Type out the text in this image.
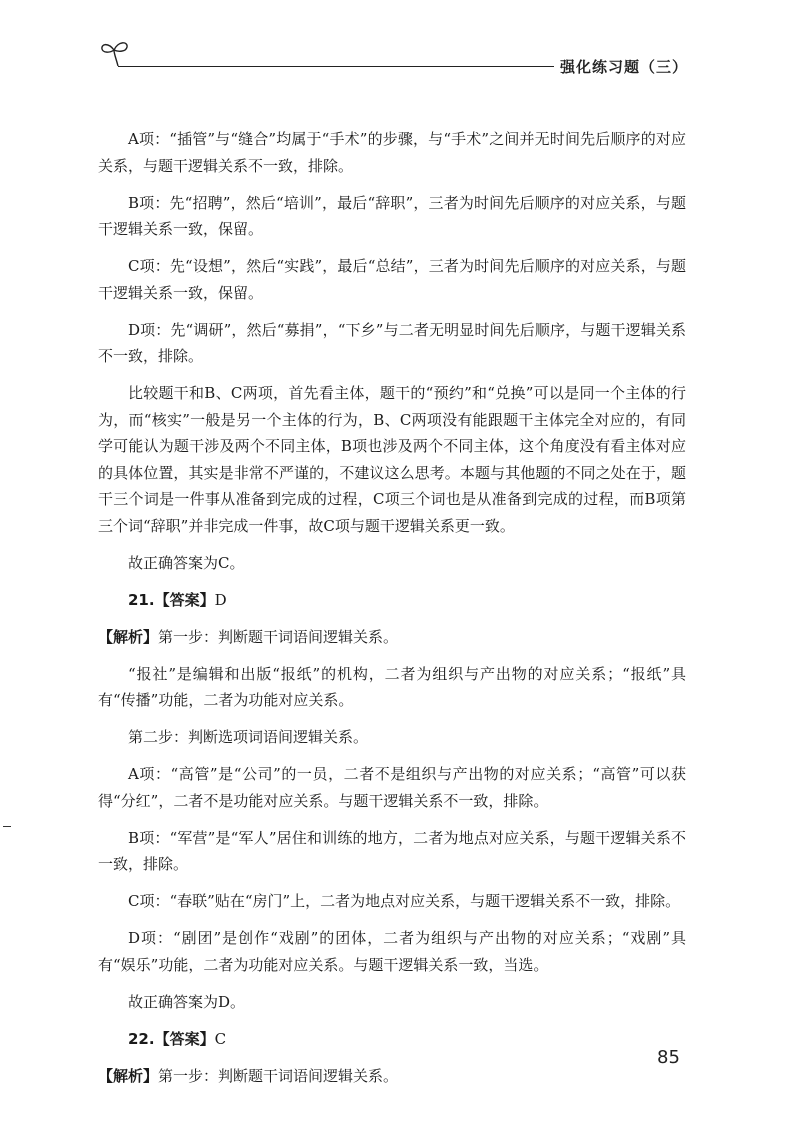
强化练习题（三）

A项：“插管”与“缝合”均属于“手术”的步骤，与“手术”之间并无时间先后顺序的对应关系，与题干逻辑关系不一致，排除。

B项：先“招聘”，然后“培训”，最后“辞职”，三者为时间先后顺序的对应关系，与题干逻辑关系一致，保留。

C项：先“设想”，然后“实践”，最后“总结”，三者为时间先后顺序的对应关系，与题干逻辑关系一致，保留。

D项：先“调研”，然后“募捐”，“下乡”与二者无明显时间先后顺序，与题干逻辑关系不一致，排除。

比较题干和B、C两项，首先看主体，题干的“预约”和“兑换”可以是同一个主体的行为，而“核实”一般是另一个主体的行为，B、C两项没有能跟题干主体完全对应的，有同学可能认为题干涉及两个不同主体，B项也涉及两个不同主体，这个角度没有看主体对应的具体位置，其实是非常不严谨的，不建议这么思考。本题与其他题的不同之处在于，题干三个词是一件事从准备到完成的过程，C项三个词也是从准备到完成的过程，而B项第三个词“辞职”并非完成一件事，故C项与题干逻辑关系更一致。

故正确答案为C。

21.【答案】D

【解析】第一步：判断题干词语间逻辑关系。

“报社”是编辑和出版“报纸”的机构，二者为组织与产出物的对应关系；“报纸”具有“传播”功能，二者为功能对应关系。

第二步：判断选项词语间逻辑关系。

A项：“高管”是“公司”的一员，二者不是组织与产出物的对应关系；“高管”可以获得“分红”，二者不是功能对应关系。与题干逻辑关系不一致，排除。

B项：“军营”是“军人”居住和训练的地方，二者为地点对应关系，与题干逻辑关系不一致，排除。

C项：“春联”贴在“房门”上，二者为地点对应关系，与题干逻辑关系不一致，排除。

D项：“剧团”是创作“戏剧”的团体，二者为组织与产出物的对应关系；“戏剧”具有“娱乐”功能，二者为功能对应关系。与题干逻辑关系一致，当选。

故正确答案为D。

22.【答案】C

【解析】第一步：判断题干词语间逻辑关系。

85
